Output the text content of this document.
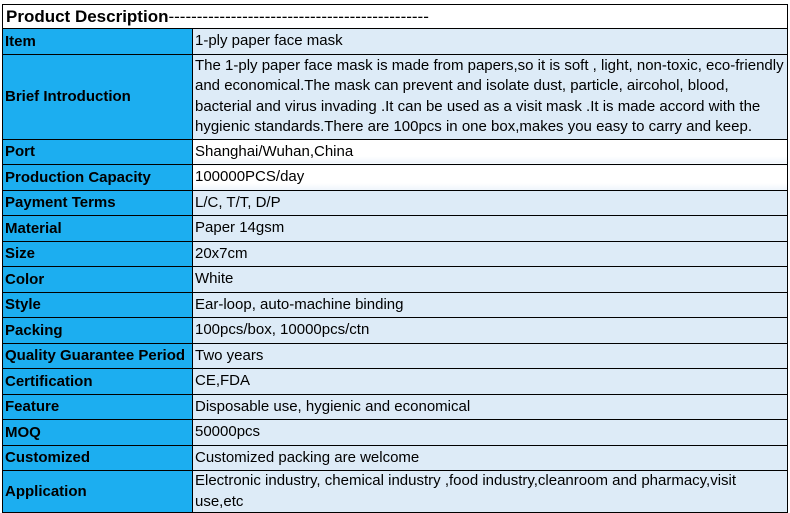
Product Description----------------------------------------------
Item	1-ply paper face mask
Brief Introduction	The 1-ply paper face mask is made from papers,so it is soft , light, non-toxic, eco-friendly and economical.The mask can prevent and isolate dust, particle, aircohol, blood, bacterial and virus invading .It can be used as a visit mask .It is made accord with the hygienic standards.There are 100pcs in one box,makes you easy to carry and keep.
Port	Shanghai/Wuhan,China
Production Capacity	100000PCS/day
Payment Terms	L/C, T/T, D/P
Material	Paper 14gsm
Size	20x7cm
Color	White
Style	Ear-loop, auto-machine binding
Packing	100pcs/box, 10000pcs/ctn
Quality Guarantee Period	Two years
Certification	CE,FDA
Feature	Disposable use, hygienic and economical
MOQ	50000pcs
Customized	Customized packing are welcome
Application	Electronic industry, chemical industry ,food industry,cleanroom and pharmacy,visit use,etc
